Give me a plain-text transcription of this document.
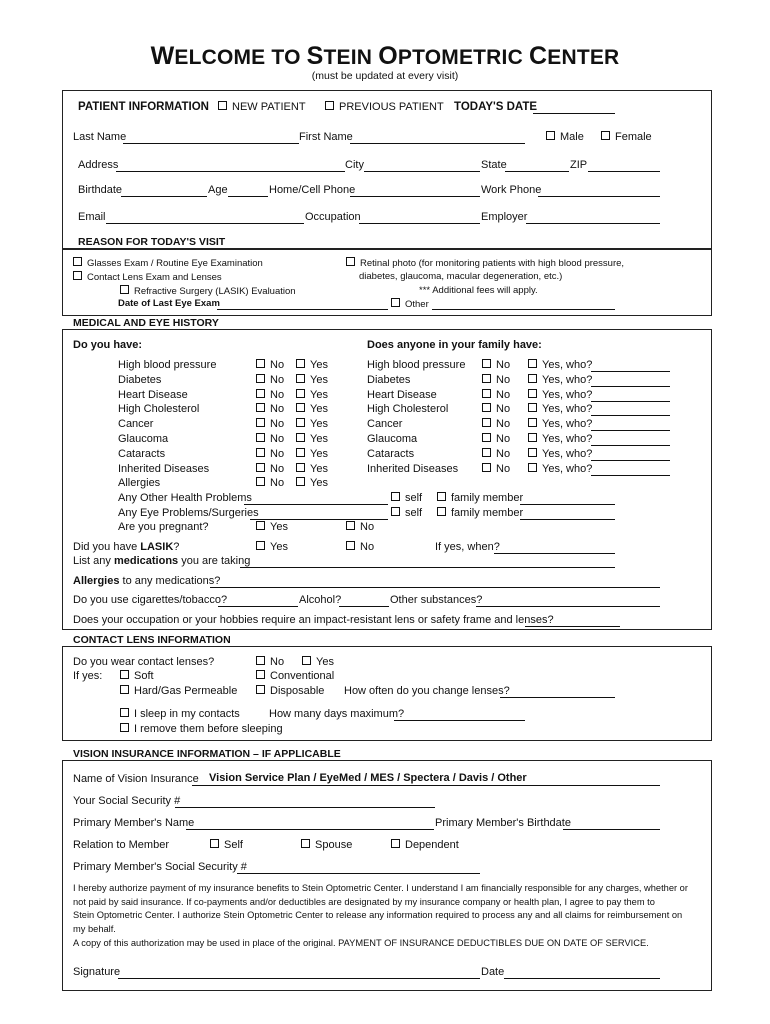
WELCOME TO STEIN OPTOMETRIC CENTER
(must be updated at every visit)
PATIENT INFORMATION	NEW PATIENT	PREVIOUS PATIENT TODAY'S DATE
Last Name	First Name	Male	Female
Address	City	State	ZIP
Birthdate	Age	Home/Cell Phone	Work Phone
Email	Occupation	Employer
REASON FOR TODAY'S VISIT
Glasses Exam / Routine Eye Examination
Contact Lens Exam and Lenses
Refractive Surgery (LASIK) Evaluation
Date of Last Eye Exam
Retinal photo (for monitoring patients with high blood pressure,
diabetes, glaucoma, macular degeneration, etc.)
*** Additional fees will apply.
Other
MEDICAL AND EYE HISTORY
Do you have:	Does anyone in your family have:
High blood pressure	No	Yes
Diabetes	No	Yes
Heart Disease	No	Yes
High Cholesterol	No	Yes
Cancer	No	Yes
Glaucoma	No	Yes
Cataracts	No	Yes
Inherited Diseases	No	Yes
Allergies	No	Yes
High blood pressure	No	Yes, who?
Diabetes	No	Yes, who?
Heart Disease	No	Yes, who?
High Cholesterol	No	Yes, who?
Cancer	No	Yes, who?
Glaucoma	No	Yes, who?
Cataracts	No	Yes, who?
Inherited Diseases	No	Yes, who?
Any Other Health Problems	self	family member
Any Eye Problems/Surgeries	self	family member
Are you pregnant?	Yes	No
Did you have LASIK?	Yes	No	If yes, when?
List any medications you are taking
Allergies to any medications?
Do you use cigarettes/tobacco?	Alcohol?	Other substances?
Does your occupation or your hobbies require an impact-resistant lens or safety frame and lenses?
CONTACT LENS INFORMATION
Do you wear contact lenses?	No	Yes
If yes:	Soft	Conventional
Hard/Gas Permeable	Disposable How often do you change lenses?
I sleep in my contacts	How many days maximum?
I remove them before sleeping
VISION INSURANCE INFORMATION – IF APPLICABLE
Name of Vision Insurance Vision Service Plan / EyeMed / MES / Spectera / Davis / Other
Your Social Security #
Primary Member's Name	Primary Member's Birthdate
Relation to Member	Self	Spouse	Dependent
Primary Member's Social Security #
I hereby authorize payment of my insurance benefits to Stein Optometric Center. I understand I am financially responsible for any charges, whether or
not paid by said insurance. If co-payments and/or deductibles are designated by my insurance company or health plan, I agree to pay them to
Stein Optometric Center. I authorize Stein Optometric Center to release any information required to process any and all claims for reimbursement on
my behalf.
A copy of this authorization may be used in place of the original. PAYMENT OF INSURANCE DEDUCTIBLES DUE ON DATE OF SERVICE.
Signature	Date
